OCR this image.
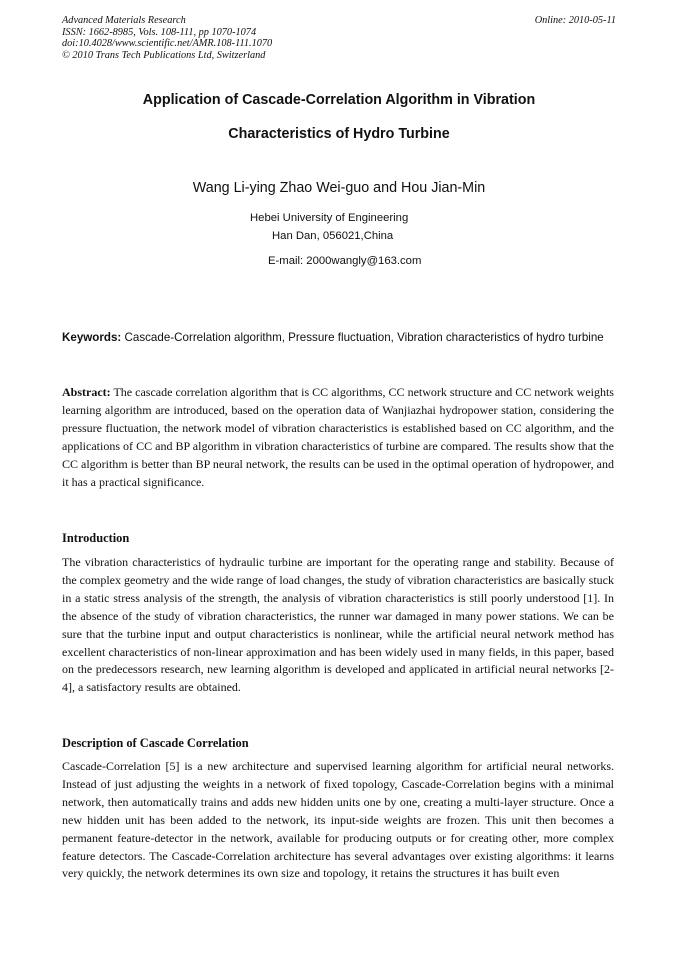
Advanced Materials Research
ISSN: 1662-8985, Vols. 108-111, pp 1070-1074
doi:10.4028/www.scientific.net/AMR.108-111.1070
© 2010 Trans Tech Publications Ltd, Switzerland
Online: 2010-05-11
Application of Cascade-Correlation Algorithm in Vibration
Characteristics of Hydro Turbine
Wang Li-ying Zhao Wei-guo and Hou Jian-Min
Hebei University of Engineering
Han Dan, 056021,China
E-mail: 2000wangly@163.com
Keywords: Cascade-Correlation algorithm, Pressure fluctuation, Vibration characteristics of hydro turbine

Abstract: The cascade correlation algorithm that is CC algorithms, CC network structure and CC network weights learning algorithm are introduced, based on the operation data of Wanjiazhai hydropower station, considering the pressure fluctuation, the network model of vibration characteristics is established based on CC algorithm, and the applications of CC and BP algorithm in vibration characteristics of turbine are compared. The results show that the CC algorithm is better than BP neural network, the results can be used in the optimal operation of hydropower, and it has a practical significance.

Introduction

The vibration characteristics of hydraulic turbine are important for the operating range and stability. Because of the complex geometry and the wide range of load changes, the study of vibration characteristics are basically stuck in a static stress analysis of the strength, the analysis of vibration characteristics is still poorly understood [1]. In the absence of the study of vibration characteristics, the runner war damaged in many power stations. We can be sure that the turbine input and output characteristics is nonlinear, while the artificial neural network method has excellent characteristics of non-linear approximation and has been widely used in many fields, in this paper, based on the predecessors research, new learning algorithm is developed and applicated in artificial neural networks [2-4], a satisfactory results are obtained.

Description of Cascade Correlation

Cascade-Correlation [5] is a new architecture and supervised learning algorithm for artificial neural networks. Instead of just adjusting the weights in a network of fixed topology, Cascade-Correlation begins with a minimal network, then automatically trains and adds new hidden units one by one, creating a multi-layer structure. Once a new hidden unit has been added to the network, its input-side weights are frozen. This unit then becomes a permanent feature-detector in the network, available for producing outputs or for creating other, more complex feature detectors. The Cascade-Correlation architecture has several advantages over existing algorithms: it learns very quickly, the network determines its own size and topology, it retains the structures it has built even
